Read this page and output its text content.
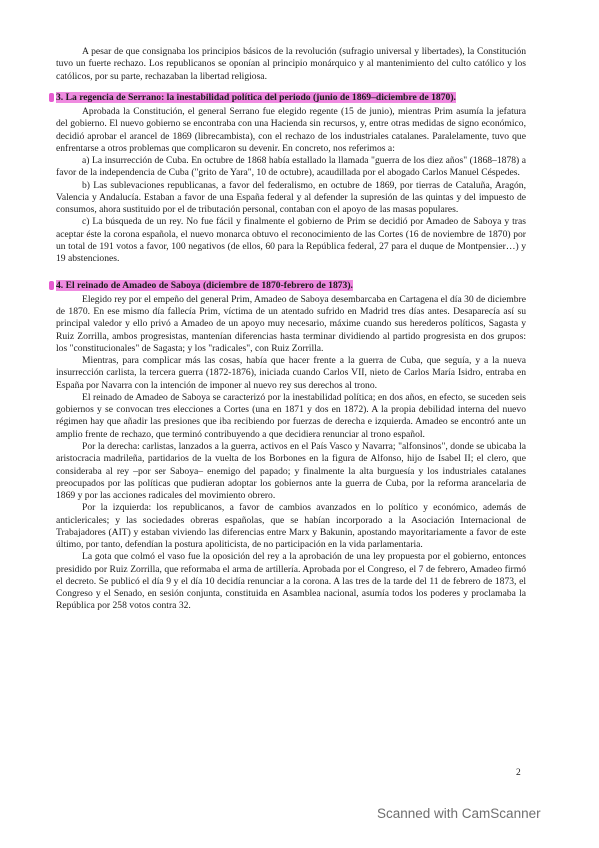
A pesar de que consignaba los principios básicos de la revolución (sufragio universal y libertades), la Constitución tuvo un fuerte rechazo. Los republicanos se oponían al principio monárquico y al mantenimiento del culto católico y los católicos, por su parte, rechazaban la libertad religiosa.

3. La regencia de Serrano: la inestabilidad política del periodo (junio de 1869–diciembre de 1870).

Aprobada la Constitución, el general Serrano fue elegido regente (15 de junio), mientras Prim asumía la jefatura del gobierno. El nuevo gobierno se encontraba con una Hacienda sin recursos, y, entre otras medidas de signo económico, decidió aprobar el arancel de 1869 (librecambista), con el rechazo de los industriales catalanes. Paralelamente, tuvo que enfrentarse a otros problemas que complicaron su devenir. En concreto, nos referimos a:

a) La insurrección de Cuba. En octubre de 1868 había estallado la llamada "guerra de los diez años" (1868–1878) a favor de la independencia de Cuba ("grito de Yara", 10 de octubre), acaudillada por el abogado Carlos Manuel Céspedes.

b) Las sublevaciones republicanas, a favor del federalismo, en octubre de 1869, por tierras de Cataluña, Aragón, Valencia y Andalucía. Estaban a favor de una España federal y al defender la supresión de las quintas y del impuesto de consumos, ahora sustituido por el de tributación personal, contaban con el apoyo de las masas populares.

c) La búsqueda de un rey. No fue fácil y finalmente el gobierno de Prim se decidió por Amadeo de Saboya y tras aceptar éste la corona española, el nuevo monarca obtuvo el reconocimiento de las Cortes (16 de noviembre de 1870) por un total de 191 votos a favor, 100 negativos (de ellos, 60 para la República federal, 27 para el duque de Montpensier…) y 19 abstenciones.

4. El reinado de Amadeo de Saboya (diciembre de 1870-febrero de 1873).

Elegido rey por el empeño del general Prim, Amadeo de Saboya desembarcaba en Cartagena el día 30 de diciembre de 1870. En ese mismo día fallecía Prim, víctima de un atentado sufrido en Madrid tres días antes. Desaparecía así su principal valedor y ello privó a Amadeo de un apoyo muy necesario, máxime cuando sus herederos políticos, Sagasta y Ruiz Zorrilla, ambos progresistas, mantenían diferencias hasta terminar dividiendo al partido progresista en dos grupos: los "constitucionales" de Sagasta; y los "radicales", con Ruiz Zorrilla.

Mientras, para complicar más las cosas, había que hacer frente a la guerra de Cuba, que seguía, y a la nueva insurrección carlista, la tercera guerra (1872-1876), iniciada cuando Carlos VII, nieto de Carlos María Isidro, entraba en España por Navarra con la intención de imponer al nuevo rey sus derechos al trono.

El reinado de Amadeo de Saboya se caracterizó por la inestabilidad política; en dos años, en efecto, se suceden seis gobiernos y se convocan tres elecciones a Cortes (una en 1871 y dos en 1872). A la propia debilidad interna del nuevo régimen hay que añadir las presiones que iba recibiendo por fuerzas de derecha e izquierda. Amadeo se encontró ante un amplio frente de rechazo, que terminó contribuyendo a que decidiera renunciar al trono español.

Por la derecha: carlistas, lanzados a la guerra, activos en el País Vasco y Navarra; "alfonsinos", donde se ubicaba la aristocracia madrileña, partidarios de la vuelta de los Borbones en la figura de Alfonso, hijo de Isabel II; el clero, que consideraba al rey –por ser Saboya– enemigo del papado; y finalmente la alta burguesía y los industriales catalanes preocupados por las políticas que pudieran adoptar los gobiernos ante la guerra de Cuba, por la reforma arancelaria de 1869 y por las acciones radicales del movimiento obrero.

Por la izquierda: los republicanos, a favor de cambios avanzados en lo político y económico, además de anticlericales; y las sociedades obreras españolas, que se habían incorporado a la Asociación Internacional de Trabajadores (AIT) y estaban viviendo las diferencias entre Marx y Bakunin, apostando mayoritariamente a favor de este último, por tanto, defendían la postura apoliticista, de no participación en la vida parlamentaria.

La gota que colmó el vaso fue la oposición del rey a la aprobación de una ley propuesta por el gobierno, entonces presidido por Ruiz Zorrilla, que reformaba el arma de artillería. Aprobada por el Congreso, el 7 de febrero, Amadeo firmó el decreto. Se publicó el día 9 y el día 10 decidía renunciar a la corona. A las tres de la tarde del 11 de febrero de 1873, el Congreso y el Senado, en sesión conjunta, constituida en Asamblea nacional, asumía todos los poderes y proclamaba la República por 258 votos contra 32.

2
Scanned with CamScanner
